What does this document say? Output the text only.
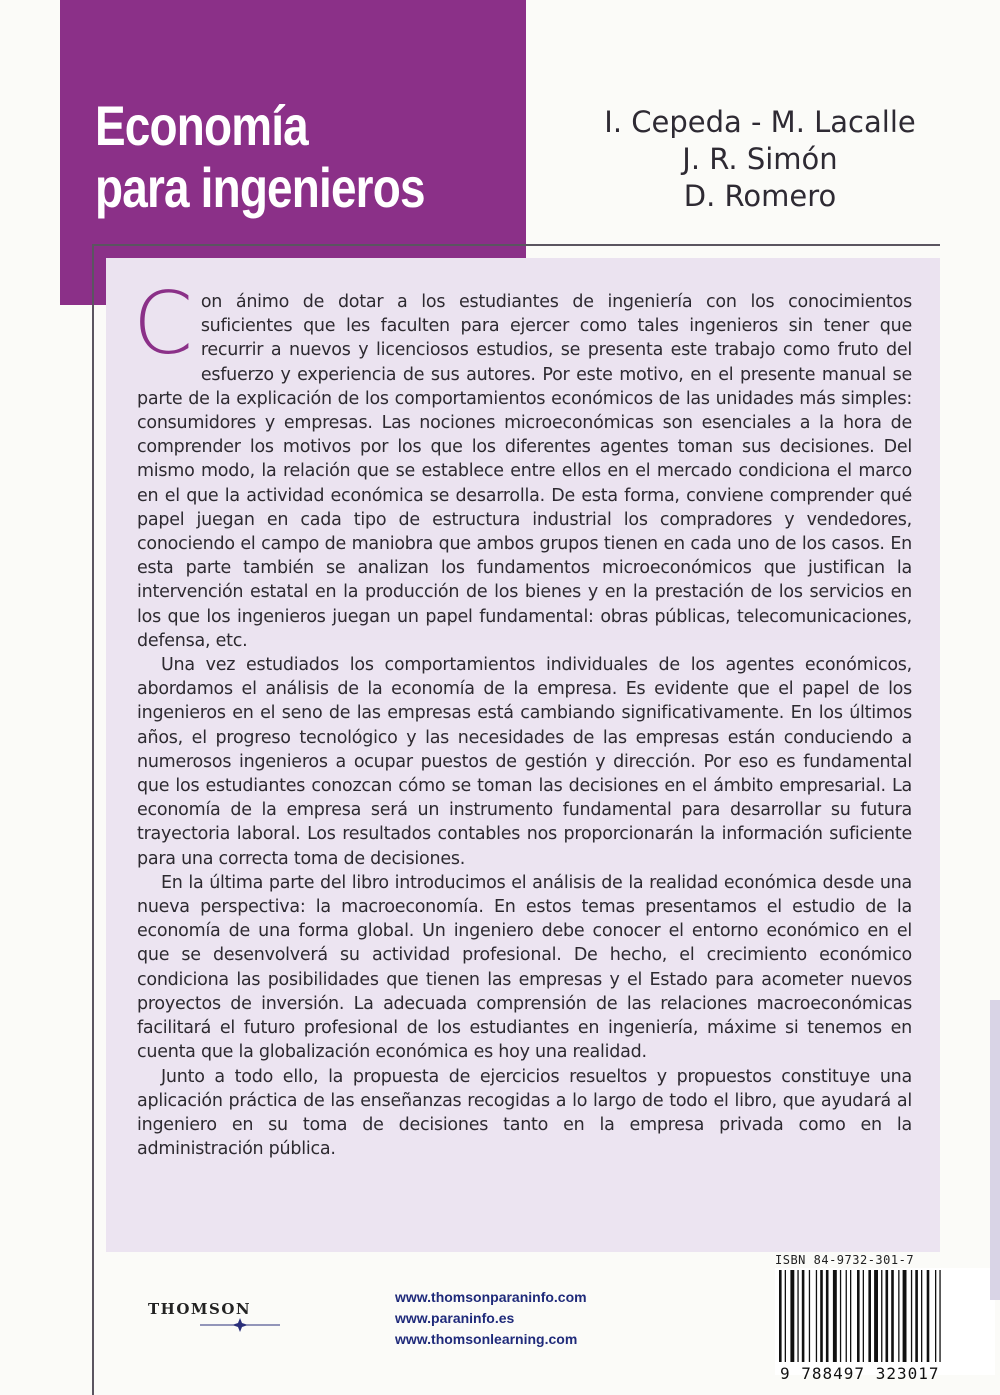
Economía
para ingenieros
I. Cepeda - M. Lacalle
J. R. Simón
D. Romero

Con ánimo de dotar a los estudiantes de ingeniería con los conocimientos suficientes que les faculten para ejercer como tales ingenieros sin tener que recurrir a nuevos y licenciosos estudios, se presenta este trabajo como fruto del esfuerzo y experiencia de sus autores. Por este motivo, en el presente manual se parte de la explicación de los comportamientos económicos de las unidades más simples: consumidores y empresas. Las nociones microeconómicas son esenciales a la hora de comprender los motivos por los que los diferentes agentes toman sus decisiones. Del mismo modo, la relación que se establece entre ellos en el mercado condiciona el marco en el que la actividad económica se desarrolla. De esta forma, conviene comprender qué papel juegan en cada tipo de estructura industrial los compradores y vendedores, conociendo el campo de maniobra que ambos grupos tienen en cada uno de los casos. En esta parte también se analizan los fundamentos microeconómicos que justifican la intervención estatal en la producción de los bienes y en la prestación de los servicios en los que los ingenieros juegan un papel fundamental: obras públicas, telecomunicaciones, defensa, etc.

Una vez estudiados los comportamientos individuales de los agentes económicos, abordamos el análisis de la economía de la empresa. Es evidente que el papel de los ingenieros en el seno de las empresas está cambiando significativamente. En los últimos años, el progreso tecnológico y las necesidades de las empresas están conduciendo a numerosos ingenieros a ocupar puestos de gestión y dirección. Por eso es fundamental que los estudiantes conozcan cómo se toman las decisiones en el ámbito empresarial. La economía de la empresa será un instrumento fundamental para desarrollar su futura trayectoria laboral. Los resultados contables nos proporcionarán la información suficiente para una correcta toma de decisiones.

En la última parte del libro introducimos el análisis de la realidad económica desde una nueva perspectiva: la macroeconomía. En estos temas presentamos el estudio de la economía de una forma global. Un ingeniero debe conocer el entorno económico en el que se desenvolverá su actividad profesional. De hecho, el crecimiento económico condiciona las posibilidades que tienen las empresas y el Estado para acometer nuevos proyectos de inversión. La adecuada comprensión de las relaciones macroeconómicas facilitará el futuro profesional de los estudiantes en ingeniería, máxime si tenemos en cuenta que la globalización económica es hoy una realidad.

Junto a todo ello, la propuesta de ejercicios resueltos y propuestos constituye una aplicación práctica de las enseñanzas recogidas a lo largo de todo el libro, que ayudará al ingeniero en su toma de decisiones tanto en la empresa privada como en la administración pública.

THOMSON
www.thomsonparaninfo.com
www.paraninfo.es
www.thomsonlearning.com
ISBN 84-9732-301-7
9 788497 323017
